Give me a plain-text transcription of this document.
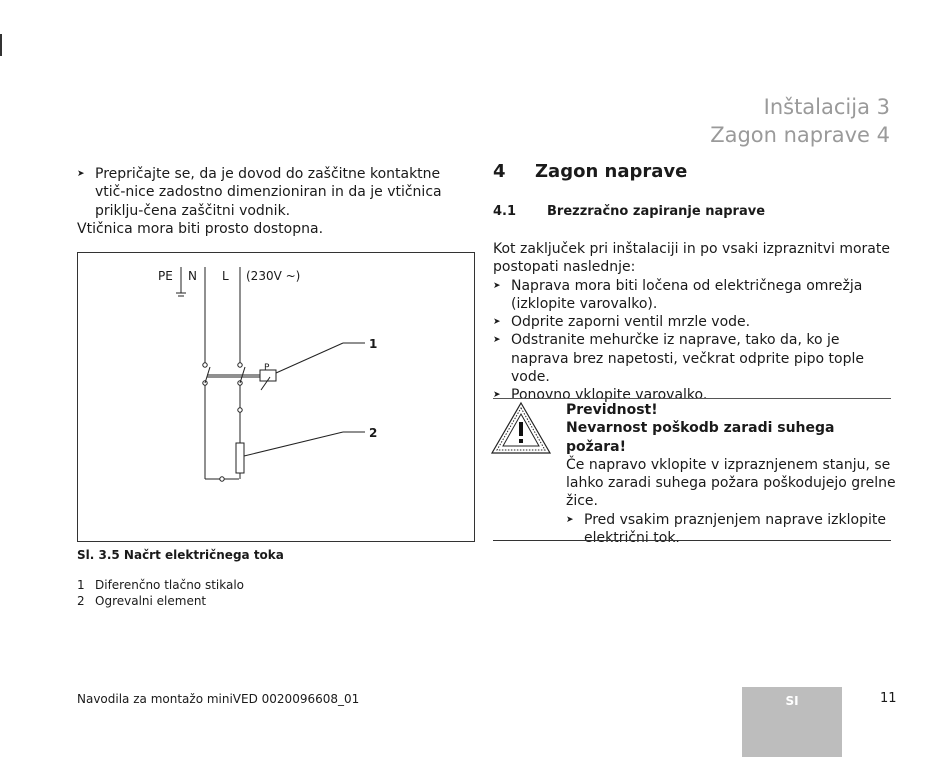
Inštalacija 3
Zagon naprave 4
➤ Prepričajte se, da je dovod do zaščitne kontaktne vtič-nice zadostno dimenzioniran in da je vtičnica priklju-čena zaščitni vodnik.
Vtičnica mora biti prosto dostopna.
PE N L (230V ~)
P
1
2
Sl. 3.5 Načrt električnega toka
1 Diferenčno tlačno stikalo
2 Ogrevalni element
4	Zagon naprave
4.1	Brezzračno zapiranje naprave
Kot zaključek pri inštalaciji in po vsaki izpraznitvi morate postopati naslednje:
➤ Naprava mora biti ločena od električnega omrežja (izklopite varovalko).
➤ Odprite zaporni ventil mrzle vode.
➤ Odstranite mehurčke iz naprave, tako da, ko je naprava brez napetosti, večkrat odprite pipo tople vode.
➤ Ponovno vklopite varovalko.
Previdnost!
Nevarnost poškodb zaradi suhega požara!
Če napravo vklopite v izpraznjenem stanju, se lahko zaradi suhega požara poškodujejo grelne žice.
➤ Pred vsakim praznjenjem naprave izklopite električni tok.
Navodila za montažo miniVED 0020096608_01	SI	11
